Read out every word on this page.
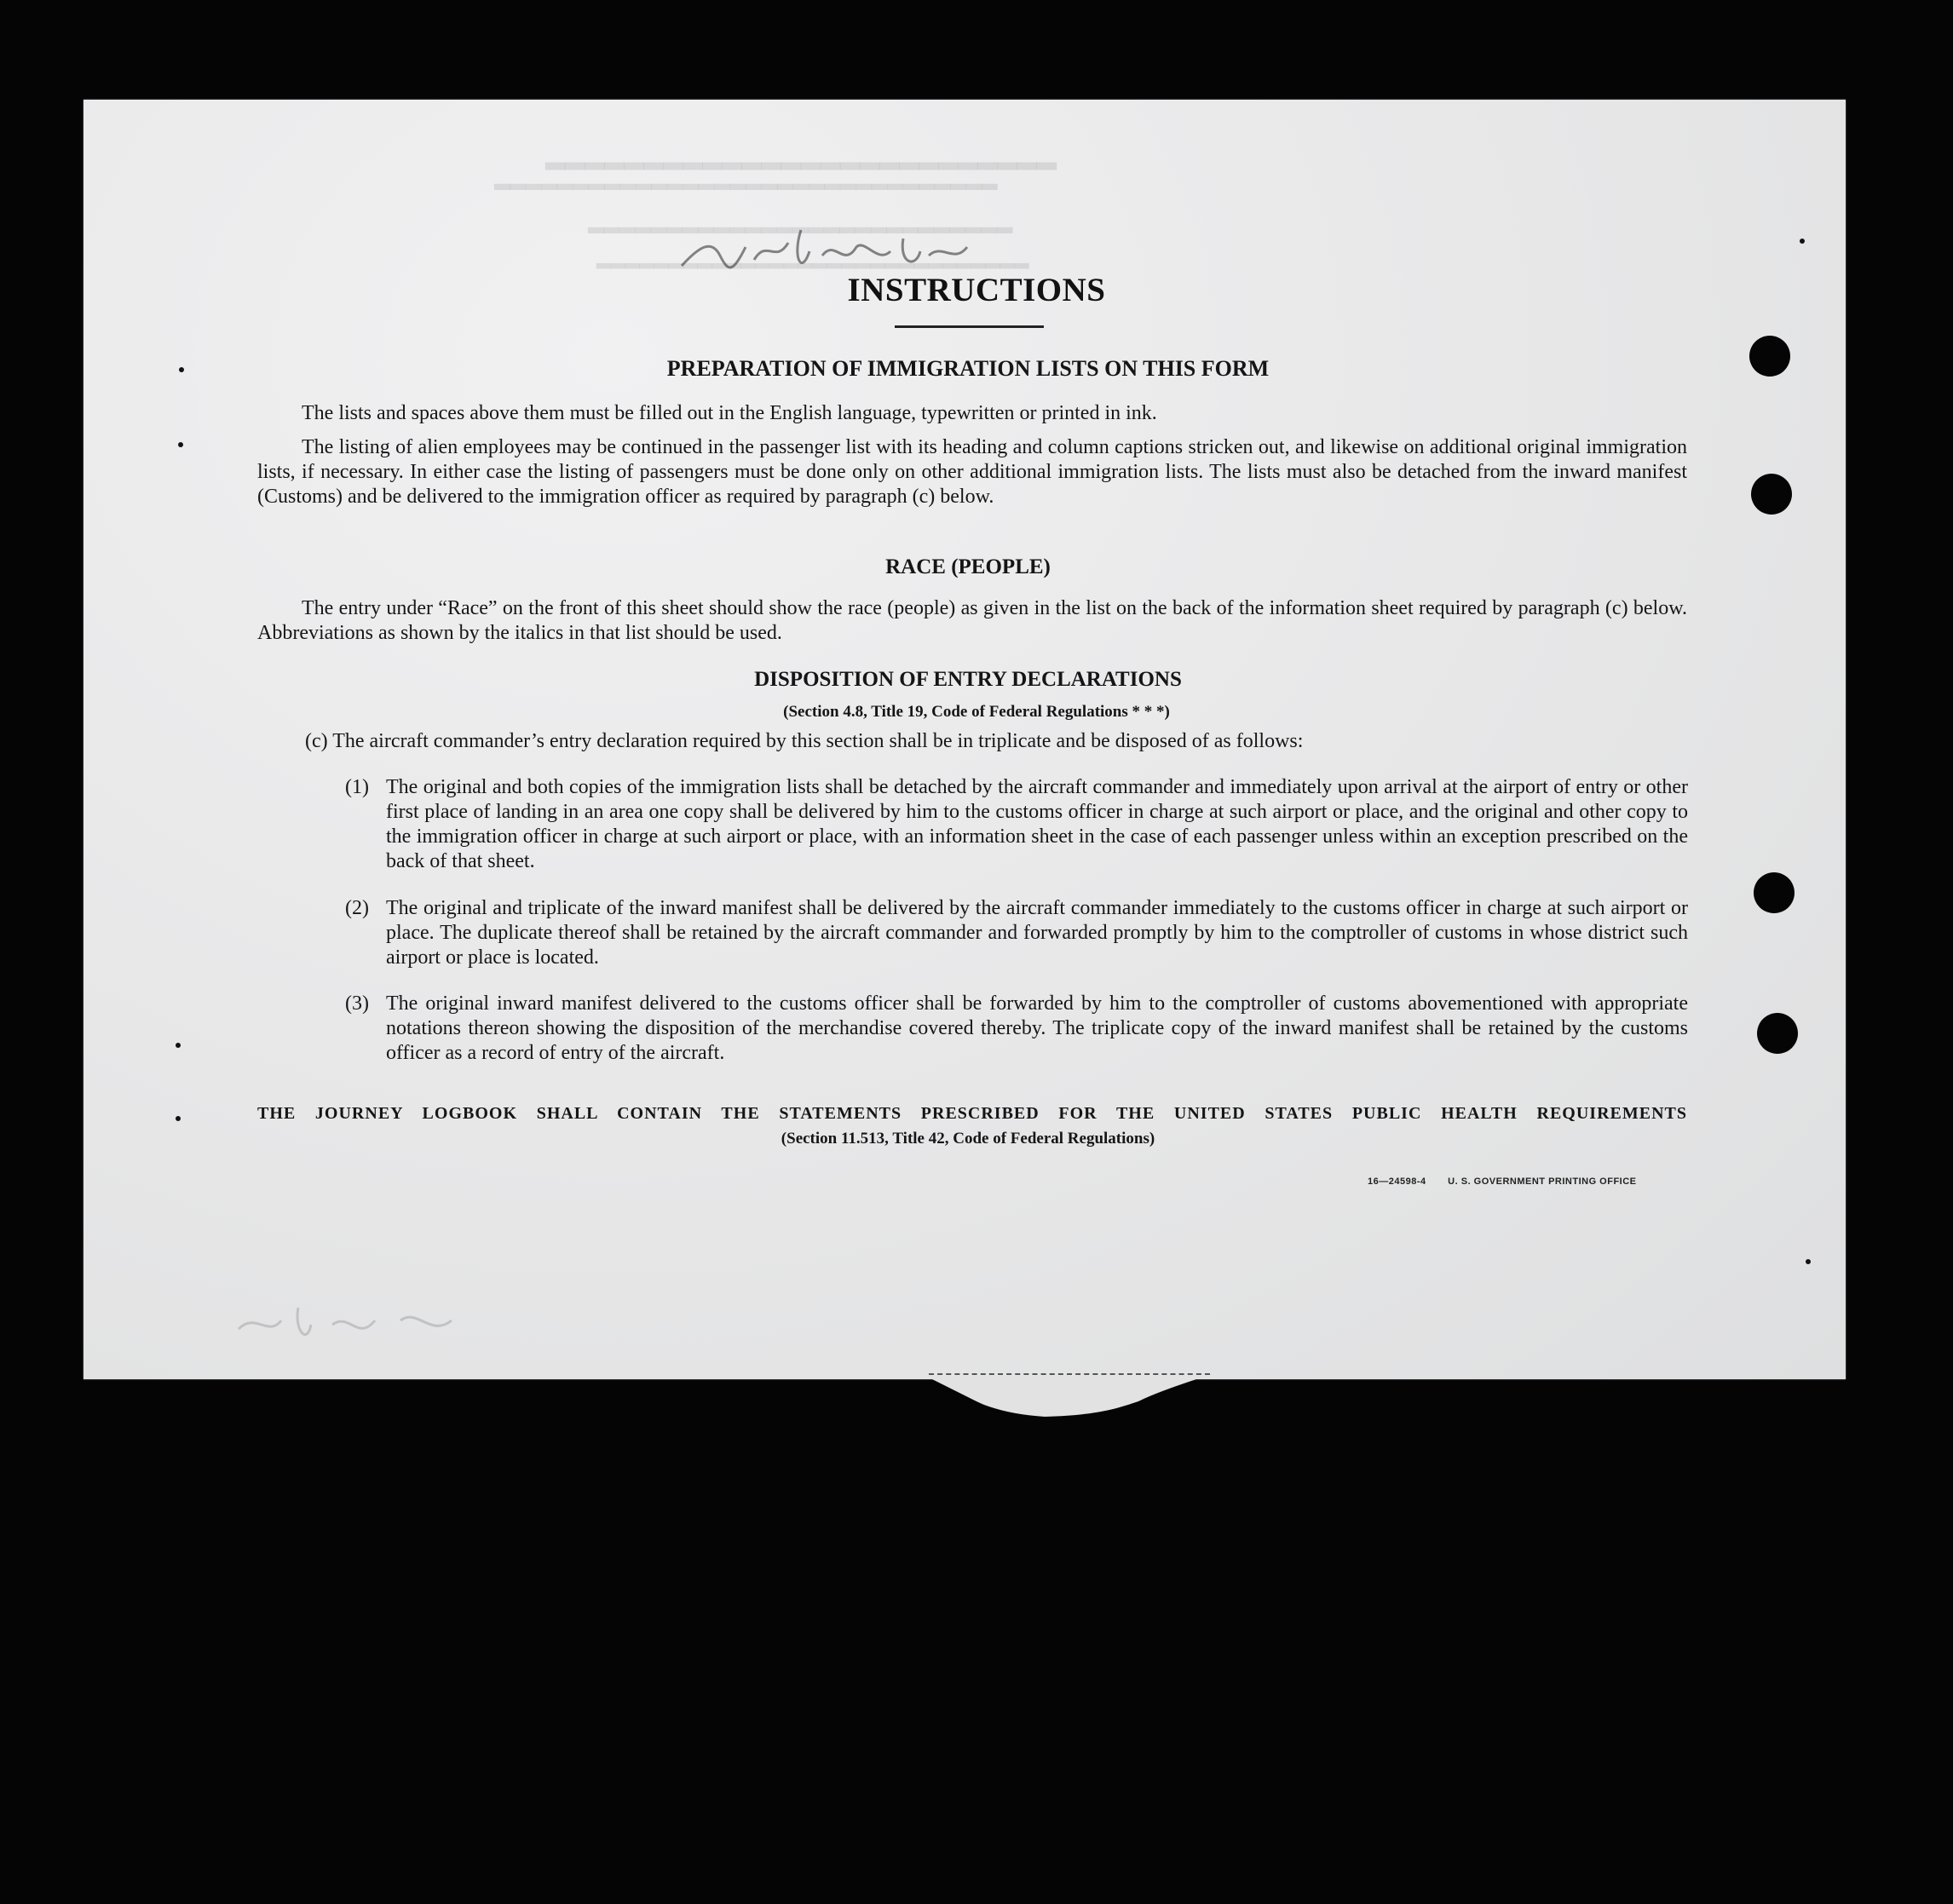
▂▂▂▂▂▂▂▂▂▂▂▂▂▂▂▂▂▂▂▂▂▂▂▂▂▂
▂▂▂▂▂▂▂▂▂▂▂▂▂▂▂▂▂▂▂▂▂▂▂▂▂▂▂▂▂▂▂▂
▂▂▂▂▂▂▂▂▂▂▂▂▂▂▂▂▂▂▂▂▂▂▂▂▂▂▂
▂▂▂▂▂▂▂▂▂▂▂▂▂▂▂▂▂▂▂▂▂▂▂▂▂▂▂▂▂▂
INSTRUCTIONS
PREPARATION OF IMMIGRATION LISTS ON THIS FORM
The lists and spaces above them must be filled out in the English language, typewritten or printed in ink.
The listing of alien employees may be continued in the passenger list with its heading and column captions stricken out, and likewise on additional original immigration lists, if necessary. In either case the listing of passengers must be done only on other additional immigration lists. The lists must also be detached from the inward manifest (Customs) and be delivered to the immigration officer as required by paragraph (c) below.
RACE (PEOPLE)
The entry under “Race” on the front of this sheet should show the race (people) as given in the list on the back of the information sheet required by paragraph (c) below. Abbreviations as shown by the italics in that list should be used.
DISPOSITION OF ENTRY DECLARATIONS
(Section 4.8, Title 19, Code of Federal Regulations * * *)
(c) The aircraft commander’s entry declaration required by this section shall be in triplicate and be disposed of as follows:
(1) The original and both copies of the immigration lists shall be detached by the aircraft commander and immediately upon arrival at the airport of entry or other first place of landing in an area one copy shall be delivered by him to the customs officer in charge at such airport or place, and the original and other copy to the immigration officer in charge at such airport or place, with an information sheet in the case of each passenger unless within an exception prescribed on the back of that sheet.
(2) The original and triplicate of the inward manifest shall be delivered by the aircraft commander immediately to the customs officer in charge at such airport or place. The duplicate thereof shall be retained by the aircraft commander and forwarded promptly by him to the comptroller of customs in whose district such airport or place is located.
(3) The original inward manifest delivered to the customs officer shall be forwarded by him to the comptroller of customs abovementioned with appropriate notations thereon showing the disposition of the merchandise covered thereby. The triplicate copy of the inward manifest shall be retained by the customs officer as a record of entry of the aircraft.
THE JOURNEY LOGBOOK SHALL CONTAIN THE STATEMENTS PRESCRIBED FOR THE UNITED STATES PUBLIC HEALTH REQUIREMENTS
(Section 11.513, Title 42, Code of Federal Regulations)
16—24598-4 U. S. GOVERNMENT PRINTING OFFICE
